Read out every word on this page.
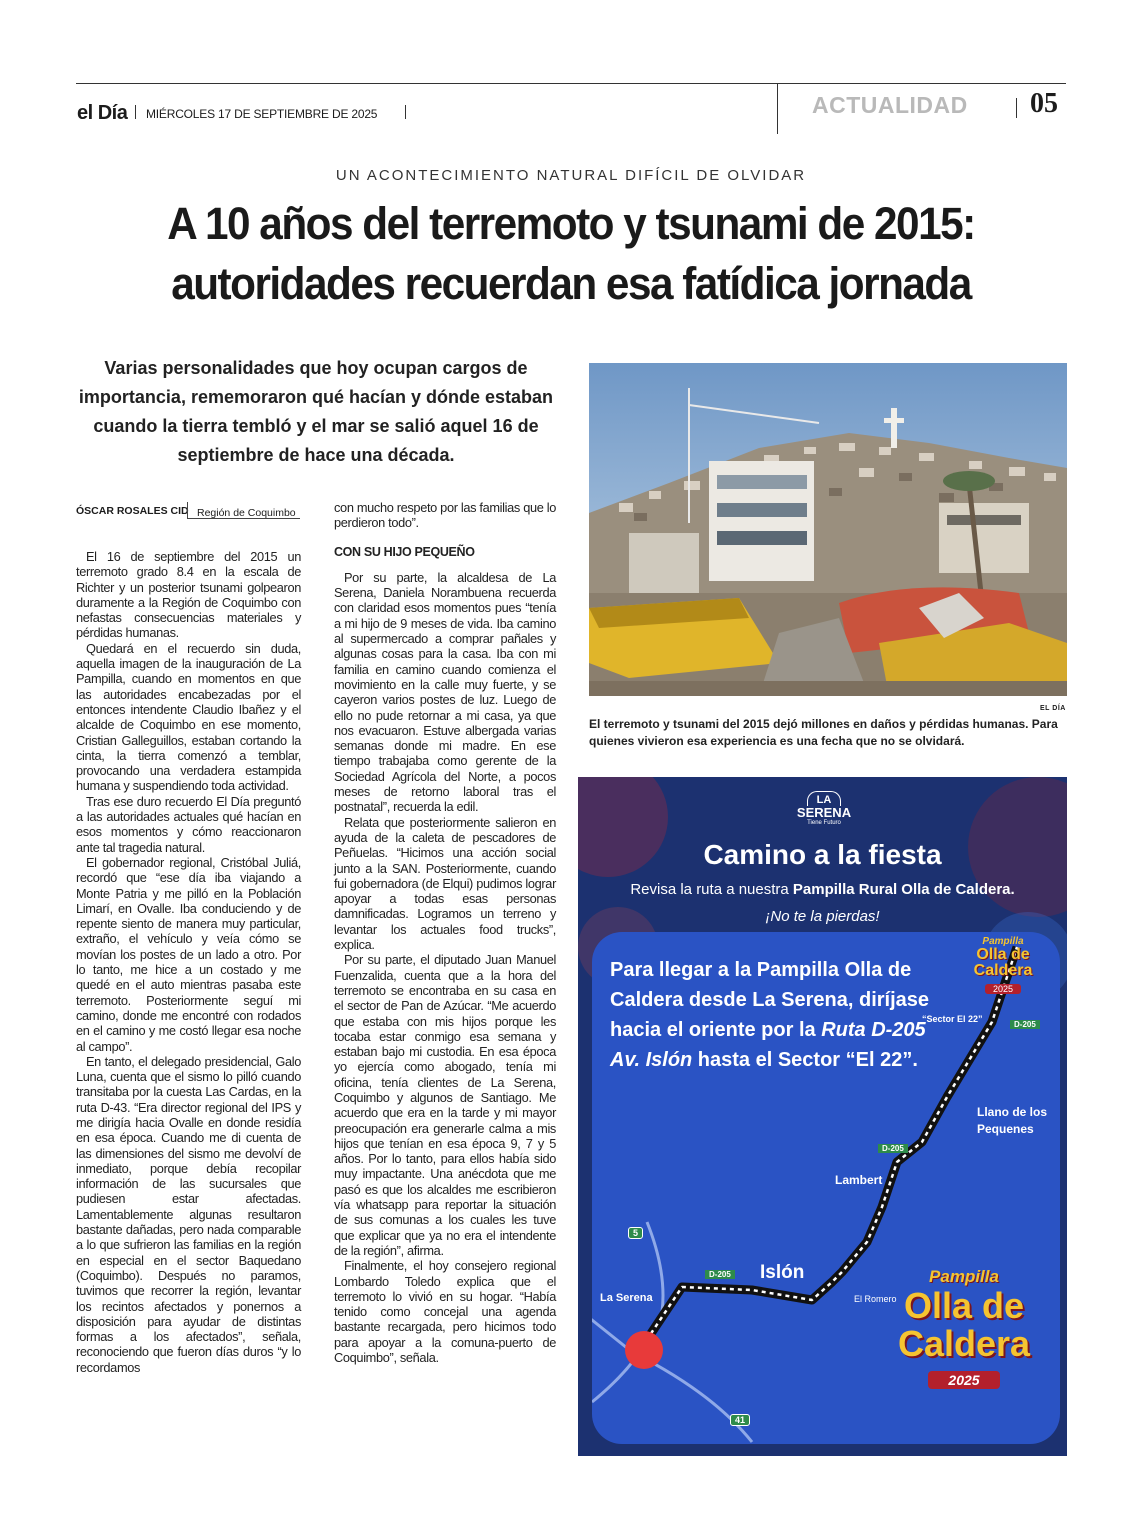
el Día MIÉRCOLES 17 DE SEPTIEMBRE DE 2025	ACTUALIDAD 05
UN ACONTECIMIENTO NATURAL DIFÍCIL DE OLVIDAR
A 10 años del terremoto y tsunami de 2015:
autoridades recuerdan esa fatídica jornada
Varias personalidades que hoy ocupan cargos de importancia, rememoraron qué hacían y dónde estaban cuando la tierra tembló y el mar se salió aquel 16 de septiembre de hace una década.
ÓSCAR ROSALES CID Región de Coquimbo

El 16 de septiembre del 2015 un terremoto grado 8.4 en la escala de Richter y un posterior tsunami golpearon duramente a la Región de Coquimbo con nefastas consecuencias materiales y pérdidas humanas.

Quedará en el recuerdo sin duda, aquella imagen de la inauguración de La Pampilla, cuando en momentos en que las autoridades encabezadas por el entonces intendente Claudio Ibañez y el alcalde de Coquimbo en ese momento, Cristian Galleguillos, estaban cortando la cinta, la tierra comenzó a temblar, provocando una verdadera estampida humana y suspendiendo toda actividad.

Tras ese duro recuerdo El Día preguntó a las autoridades actuales qué hacían en esos momentos y cómo reaccionaron ante tal tragedia natural.

El gobernador regional, Cristóbal Juliá, recordó que “ese día iba viajando a Monte Patria y me pilló en la Población Limarí, en Ovalle. Iba conduciendo y de repente siento de manera muy particular, extraño, el vehículo y veía cómo se movían los postes de un lado a otro. Por lo tanto, me hice a un costado y me quedé en el auto mientras pasaba este terremoto. Posteriormente seguí mi camino, donde me encontré con rodados en el camino y me costó llegar esa noche al campo”.

En tanto, el delegado presidencial, Galo Luna, cuenta que el sismo lo pilló cuando transitaba por la cuesta Las Cardas, en la ruta D-43. “Era director regional del IPS y me dirigía hacia Ovalle en donde residía en esa época. Cuando me di cuenta de las dimensiones del sismo me devolví de inmediato, porque debía recopilar información de las sucursales que pudiesen estar afectadas. Lamentablemente algunas resultaron bastante dañadas, pero nada comparable a lo que sufrieron las familias en la región en especial en el sector Baquedano (Coquimbo). Después no paramos, tuvimos que recorrer la región, levantar los recintos afectados y ponernos a disposición para ayudar de distintas formas a los afectados”, señala, reconociendo que fueron días duros “y lo recordamos

con mucho respeto por las familias que lo perdieron todo”.

CON SU HIJO PEQUEÑO

Por su parte, la alcaldesa de La Serena, Daniela Norambuena recuerda con claridad esos momentos pues “tenía a mi hijo de 9 meses de vida. Iba camino al supermercado a comprar pañales y algunas cosas para la casa. Iba con mi familia en camino cuando comienza el movimiento en la calle muy fuerte, y se cayeron varios postes de luz. Luego de ello no pude retornar a mi casa, ya que nos evacuaron. Estuve albergada varias semanas donde mi madre. En ese tiempo trabajaba como gerente de la Sociedad Agrícola del Norte, a pocos meses de retorno laboral tras el postnatal”, recuerda la edil.

Relata que posteriormente salieron en ayuda de la caleta de pescadores de Peñuelas. “Hicimos una acción social junto a la SAN. Posteriormente, cuando fui gobernadora (de Elqui) pudimos lograr apoyar a todas esas personas damnificadas. Logramos un terreno y levantar los actuales food trucks”, explica.

Por su parte, el diputado Juan Manuel Fuenzalida, cuenta que a la hora del terremoto se encontraba en su casa en el sector de Pan de Azúcar. “Me acuerdo que estaba con mis hijos porque les tocaba estar conmigo esa semana y estaban bajo mi custodia. En esa época yo ejercía como abogado, tenía mi oficina, tenía clientes de La Serena, Coquimbo y algunos de Santiago. Me acuerdo que era en la tarde y mi mayor preocupación era generarle calma a mis hijos que tenían en esa época 9, 7 y 5 años. Por lo tanto, para ellos había sido muy impactante. Una anécdota que me pasó es que los alcaldes me escribieron vía whatsapp para reportar la situación de sus comunas a los cuales les tuve que explicar que ya no era el intendente de la región”, afirma.

Finalmente, el hoy consejero regional Lombardo Toledo explica que el terremoto lo vivió en su hogar. “Había tenido como concejal una agenda bastante recargada, pero hicimos todo para apoyar a la comuna-puerto de Coquimbo”, señala.

EL DÍA
El terremoto y tsunami del 2015 dejó millones en daños y pérdidas humanas. Para quienes vivieron esa experiencia es una fecha que no se olvidará.
LA
SERENA
Tiene Futuro
Camino a la fiesta
Revisa la ruta a nuestra Pampilla Rural Olla de Caldera.
¡No te la pierdas!
Para llegar a la Pampilla Olla de Caldera desde La Serena, diríjase hacia el oriente por la Ruta D-205 Av. Islón hasta el Sector “El 22”.
“Sector El 22”
Llano de los Pequenes
Lambert
Islón
El Romero
La Serena
D-205
D-205
D-205
5
41
Pampilla
Olla de
Caldera
2025
Pampilla
Olla de
Caldera
2025
